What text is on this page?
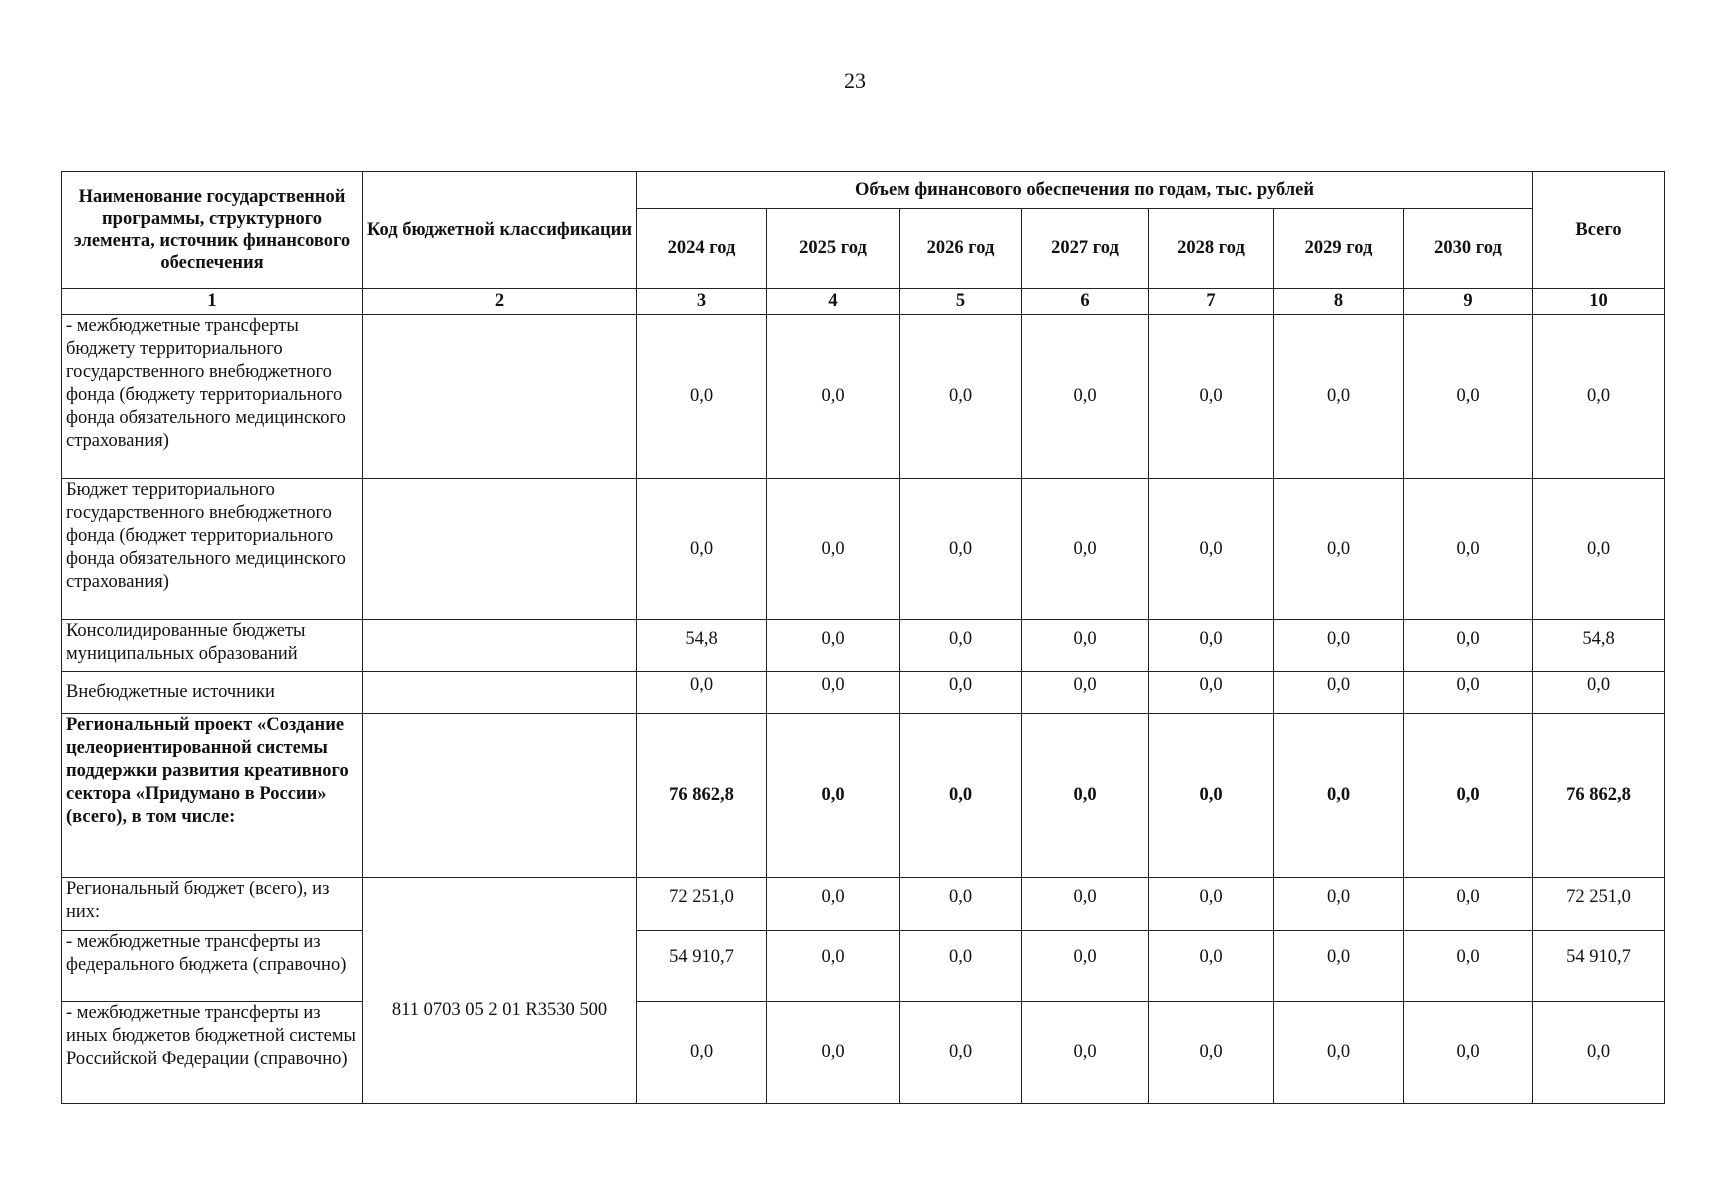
23
Наименование государственной программы, структурного элемента, источник финансового обеспечения	Код бюджетной классификации	Объем финансового обеспечения по годам, тыс. рублей							Всего
		2024 год	2025 год	2026 год	2027 год	2028 год	2029 год	2030 год	
1	2	3	4	5	6	7	8	9	10
- межбюджетные трансферты бюджету территориального государственного внебюджетного фонда (бюджету территориального фонда обязательного медицинского страхования)		0,0	0,0	0,0	0,0	0,0	0,0	0,0	0,0
Бюджет территориального государственного внебюджетного фонда (бюджет территориального фонда обязательного медицинского страхования)		0,0	0,0	0,0	0,0	0,0	0,0	0,0	0,0
Консолидированные бюджеты муниципальных образований		54,8	0,0	0,0	0,0	0,0	0,0	0,0	54,8
Внебюджетные источники		0,0	0,0	0,0	0,0	0,0	0,0	0,0	0,0
Региональный проект «Создание целеориентированной системы поддержки развития креативного сектора «Придумано в России» (всего), в том числе:		76 862,8	0,0	0,0	0,0	0,0	0,0	0,0	76 862,8
Региональный бюджет (всего), из них:	811 0703 05 2 01 R3530 500	72 251,0	0,0	0,0	0,0	0,0	0,0	0,0	72 251,0
- межбюджетные трансферты из федерального бюджета (справочно)		54 910,7	0,0	0,0	0,0	0,0	0,0	0,0	54 910,7
- межбюджетные трансферты из иных бюджетов бюджетной системы Российской Федерации (справочно)		0,0	0,0	0,0	0,0	0,0	0,0	0,0	0,0
